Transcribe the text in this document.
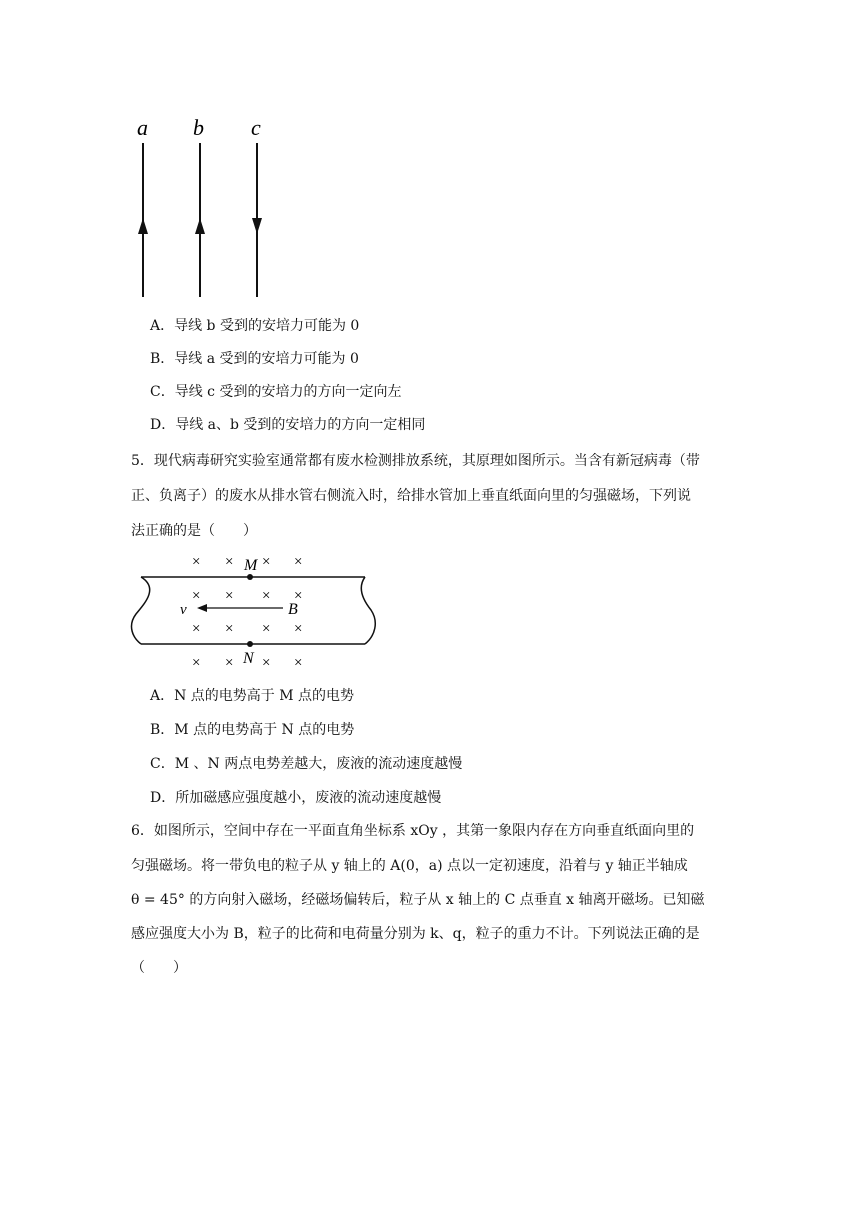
a b c
A．导线 b 受到的安培力可能为 0
B．导线 a 受到的安培力可能为 0
C．导线 c 受到的安培力的方向一定向左
D．导线 a、b 受到的安培力的方向一定相同
5．现代病毒研究实验室通常都有废水检测排放系统，其原理如图所示。当含有新冠病毒（带
正、负离子）的废水从排水管右侧流入时，给排水管加上垂直纸面向里的匀强磁场，下列说
法正确的是（　　）
× × × ×
× × × ×
× × × ×
× × × ×
M
N
v	B
A．N 点的电势高于 M 点的电势
B．M 点的电势高于 N 点的电势
C．M 、N 两点电势差越大，废液的流动速度越慢
D．所加磁感应强度越小，废液的流动速度越慢
6．如图所示，空间中存在一平面直角坐标系 xOy ，其第一象限内存在方向垂直纸面向里的
匀强磁场。将一带负电的粒子从 y 轴上的 A(0，a) 点以一定初速度，沿着与 y 轴正半轴成
θ = 45° 的方向射入磁场，经磁场偏转后，粒子从 x 轴上的 C 点垂直 x 轴离开磁场。已知磁
感应强度大小为 B，粒子的比荷和电荷量分别为 k、q，粒子的重力不计。下列说法正确的是
（　　）
